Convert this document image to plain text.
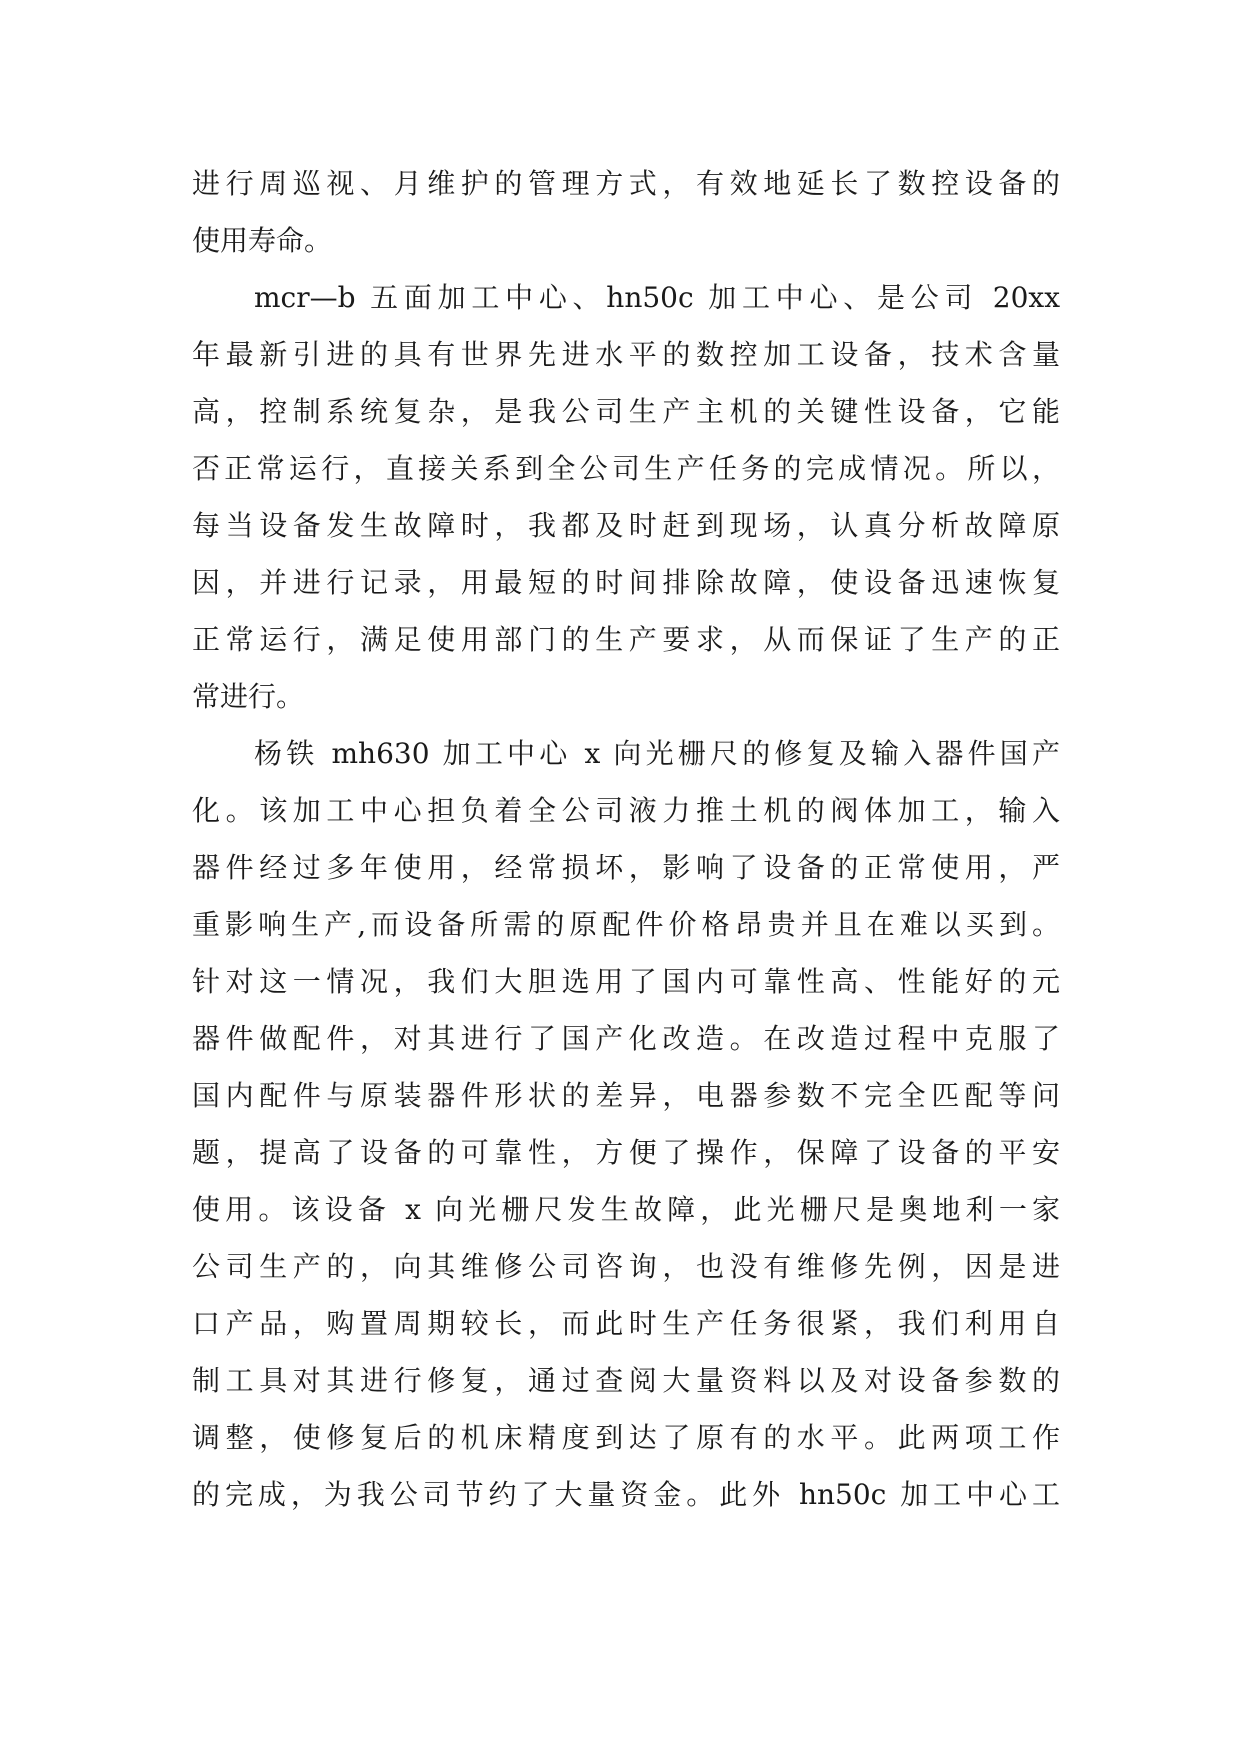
进行周巡视、月维护的管理方式，有效地延长了数控设备的
使用寿命。
mcr—b 五面加工中心、hn50c 加工中心、是公司 20xx
年最新引进的具有世界先进水平的数控加工设备，技术含量
高，控制系统复杂，是我公司生产主机的关键性设备，它能
否正常运行，直接关系到全公司生产任务的完成情况。所以，
每当设备发生故障时，我都及时赶到现场，认真分析故障原
因，并进行记录，用最短的时间排除故障，使设备迅速恢复
正常运行，满足使用部门的生产要求，从而保证了生产的正
常进行。
杨铁 mh630 加工中心 x 向光栅尺的修复及输入器件国产
化。该加工中心担负着全公司液力推土机的阀体加工，输入
器件经过多年使用，经常损坏，影响了设备的正常使用，严
重影响生产,而设备所需的原配件价格昂贵并且在难以买到。
针对这一情况，我们大胆选用了国内可靠性高、性能好的元
器件做配件，对其进行了国产化改造。在改造过程中克服了
国内配件与原装器件形状的差异，电器参数不完全匹配等问
题，提高了设备的可靠性，方便了操作，保障了设备的平安
使用。该设备 x 向光栅尺发生故障，此光栅尺是奥地利一家
公司生产的，向其维修公司咨询，也没有维修先例，因是进
口产品，购置周期较长，而此时生产任务很紧，我们利用自
制工具对其进行修复，通过查阅大量资料以及对设备参数的
调整，使修复后的机床精度到达了原有的水平。此两项工作
的完成，为我公司节约了大量资金。此外 hn50c 加工中心工
